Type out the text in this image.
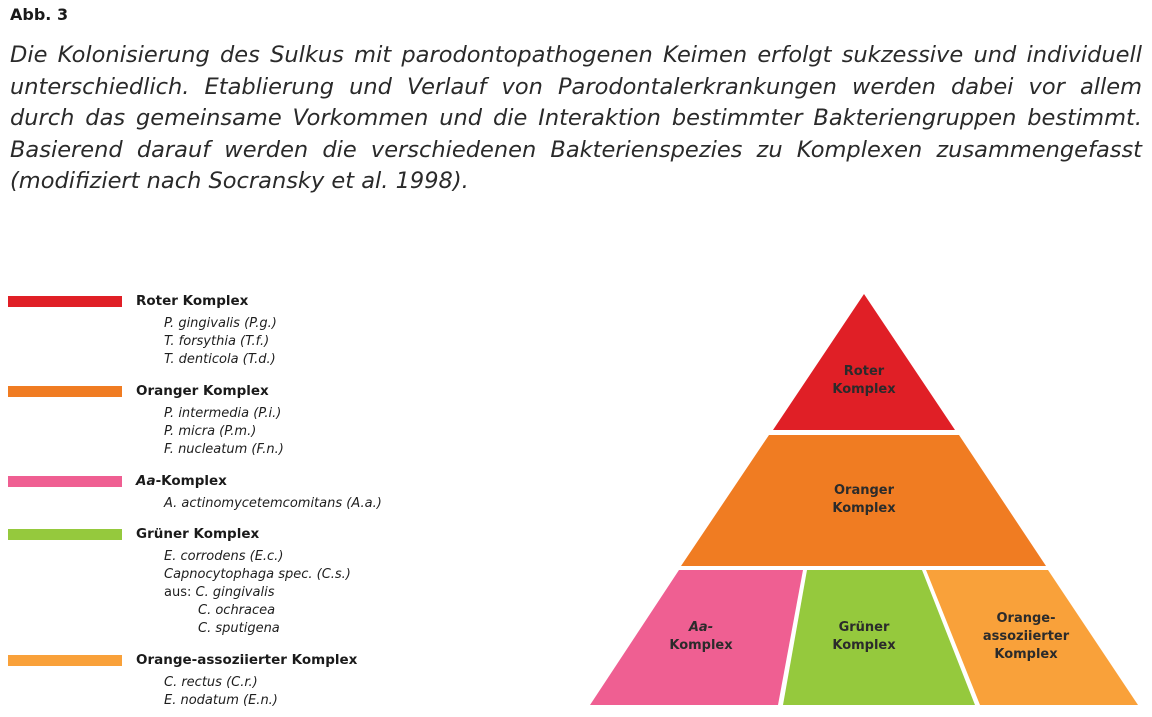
Abb. 3
Die Kolonisierung des Sulkus mit parodontopathogenen Keimen erfolgt sukzessive und individuell unterschiedlich. Etablierung und Verlauf von Parodontalerkrankungen werden dabei vor allem durch das gemeinsame Vorkommen und die Interaktion bestimmter Bakteriengruppen bestimmt. Basierend darauf werden die verschiedenen Bakterienspezies zu Komplexen zusammengefasst (modifiziert nach Socransky et al. 1998).
Roter Komplex
P. gingivalis (P.g.)
T. forsythia (T.f.)
T. denticola (T.d.)
Oranger Komplex
P. intermedia (P.i.)
P. micra (P.m.)
F. nucleatum (F.n.)
Aa-Komplex
A. actinomycetemcomitans (A.a.)
Grüner Komplex
E. corrodens (E.c.)
Capnocytophaga spec. (C.s.)
aus: C. gingivalis
C. ochracea
C. sputigena
Orange-assoziierter Komplex
C. rectus (C.r.)
E. nodatum (E.n.)
Roter
Komplex
Oranger
Komplex
Aa-
Komplex
Grüner
Komplex
Orange-
assoziierter
Komplex
